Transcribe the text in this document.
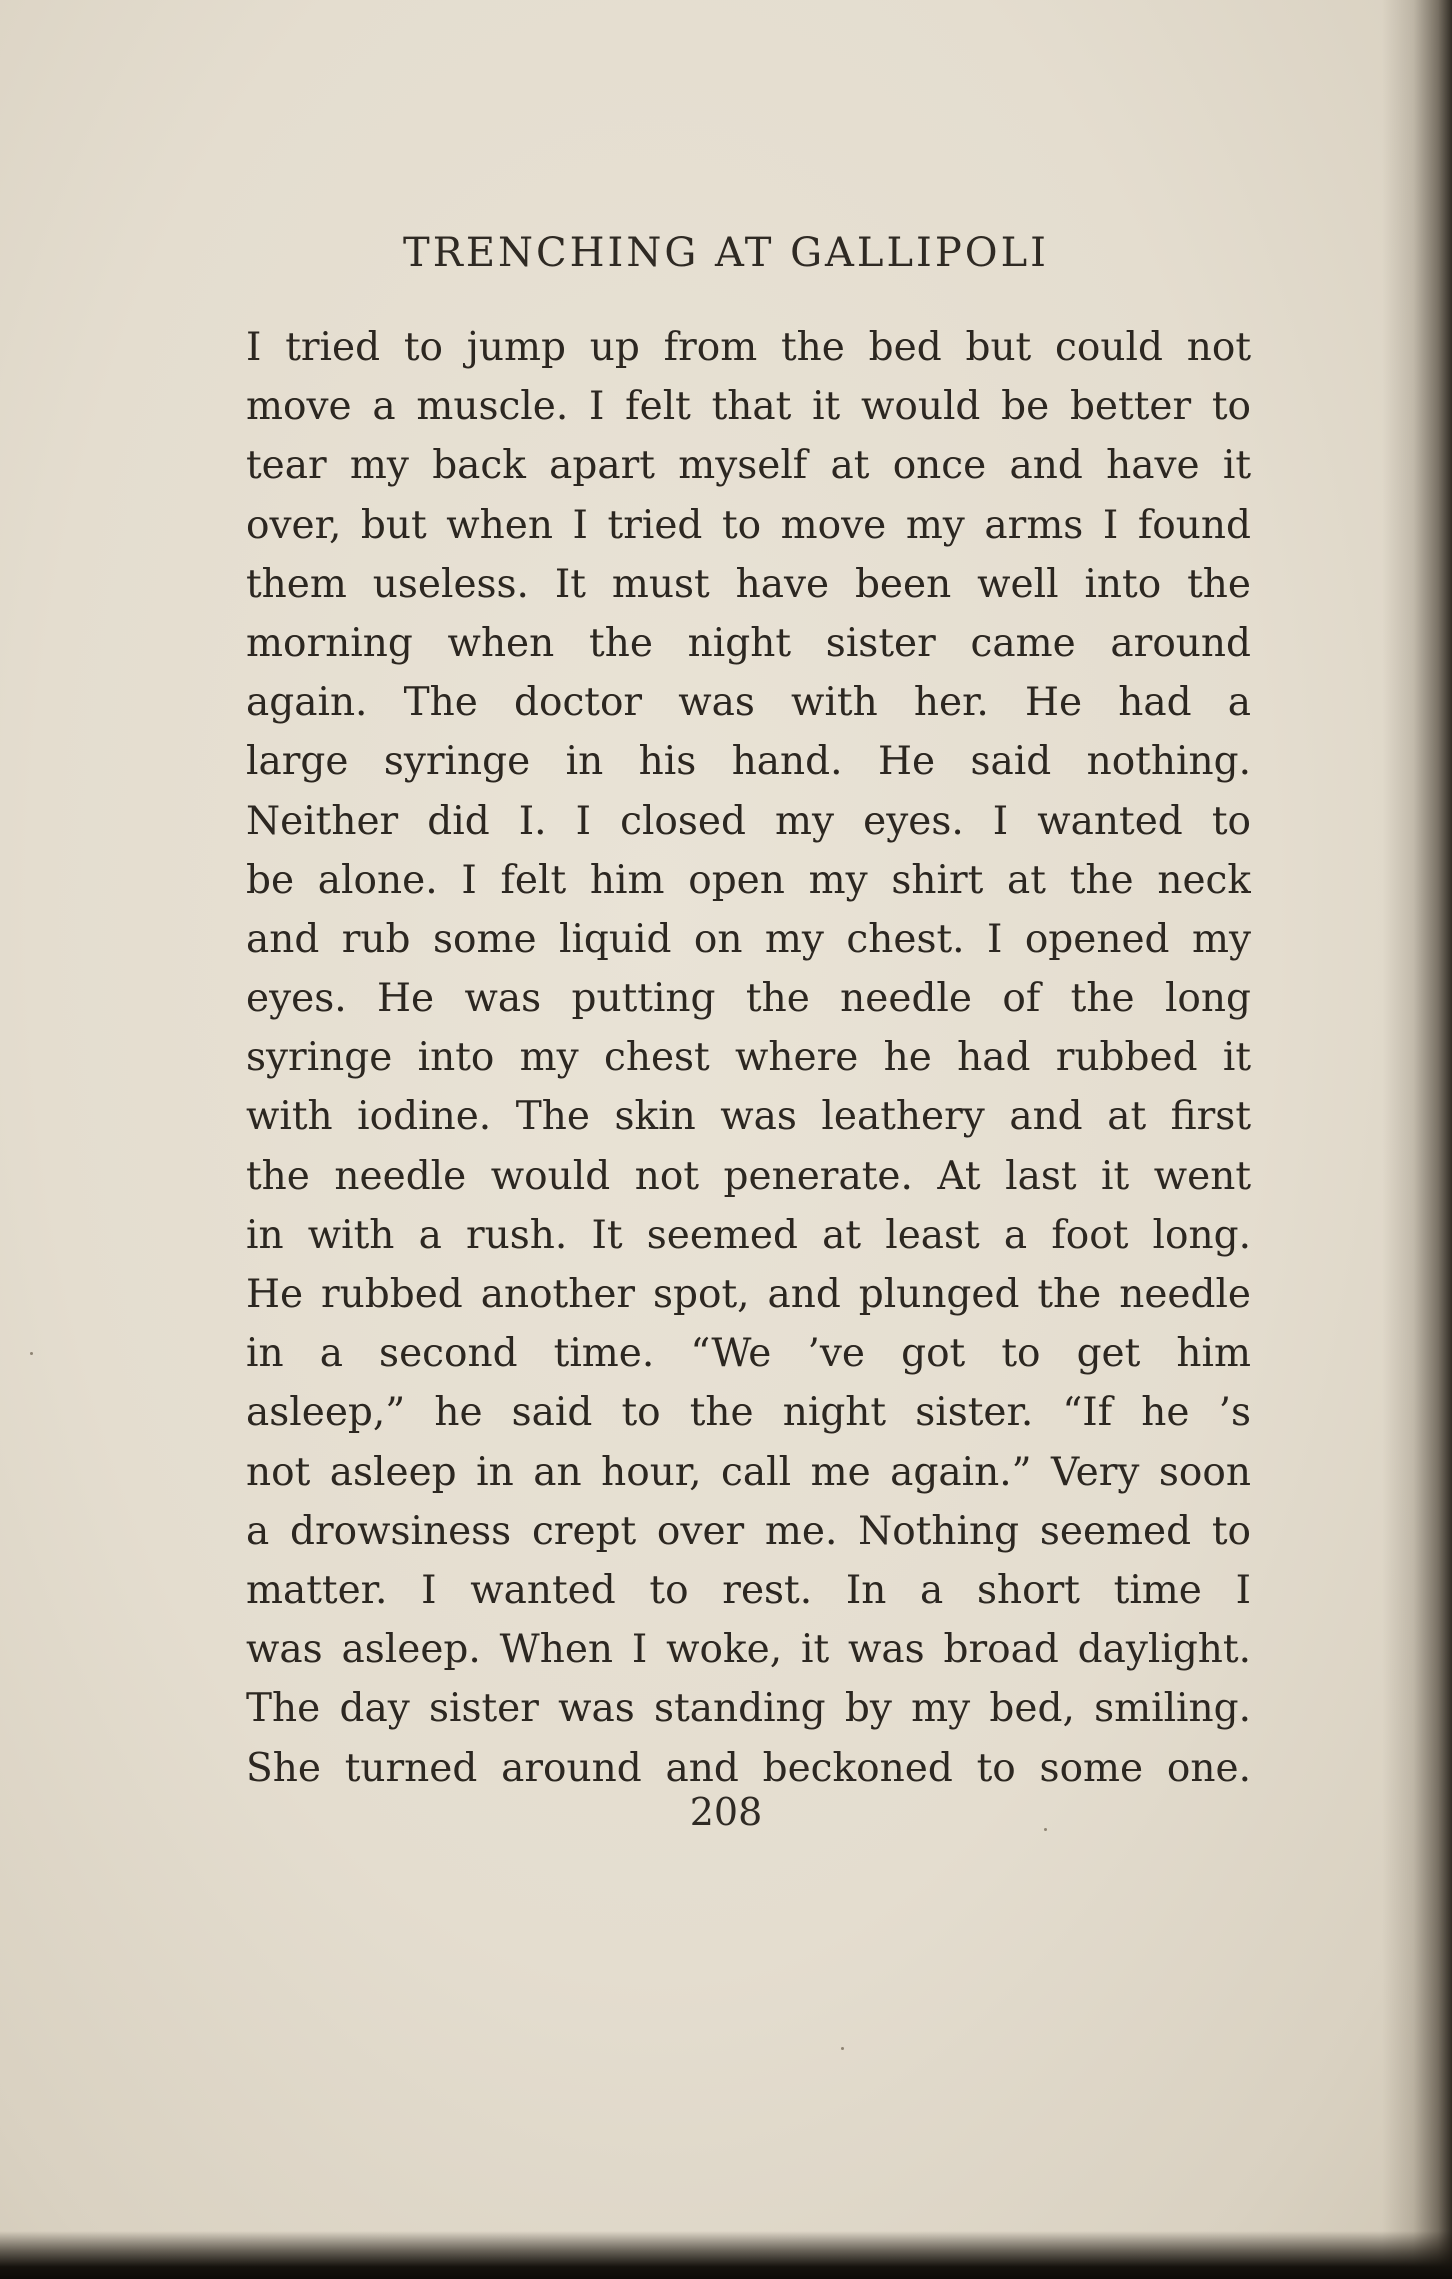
TRENCHING AT GALLIPOLI
I tried to jump up from the bed but could not
move a muscle. I felt that it would be better to
tear my back apart myself at once and have it
over, but when I tried to move my arms I found
them useless. It must have been well into the
morning when the night sister came around
again. The doctor was with her. He had a
large syringe in his hand. He said nothing.
Neither did I. I closed my eyes. I wanted to
be alone. I felt him open my shirt at the neck
and rub some liquid on my chest. I opened my
eyes. He was putting the needle of the long
syringe into my chest where he had rubbed it
with iodine. The skin was leathery and at first
the needle would not penerate. At last it went
in with a rush. It seemed at least a foot long.
He rubbed another spot, and plunged the needle
in a second time. “We ’ve got to get him
asleep,” he said to the night sister. “If he ’s
not asleep in an hour, call me again.” Very soon
a drowsiness crept over me. Nothing seemed to
matter. I wanted to rest. In a short time I
was asleep. When I woke, it was broad daylight.
The day sister was standing by my bed, smiling.
She turned around and beckoned to some one.
208
